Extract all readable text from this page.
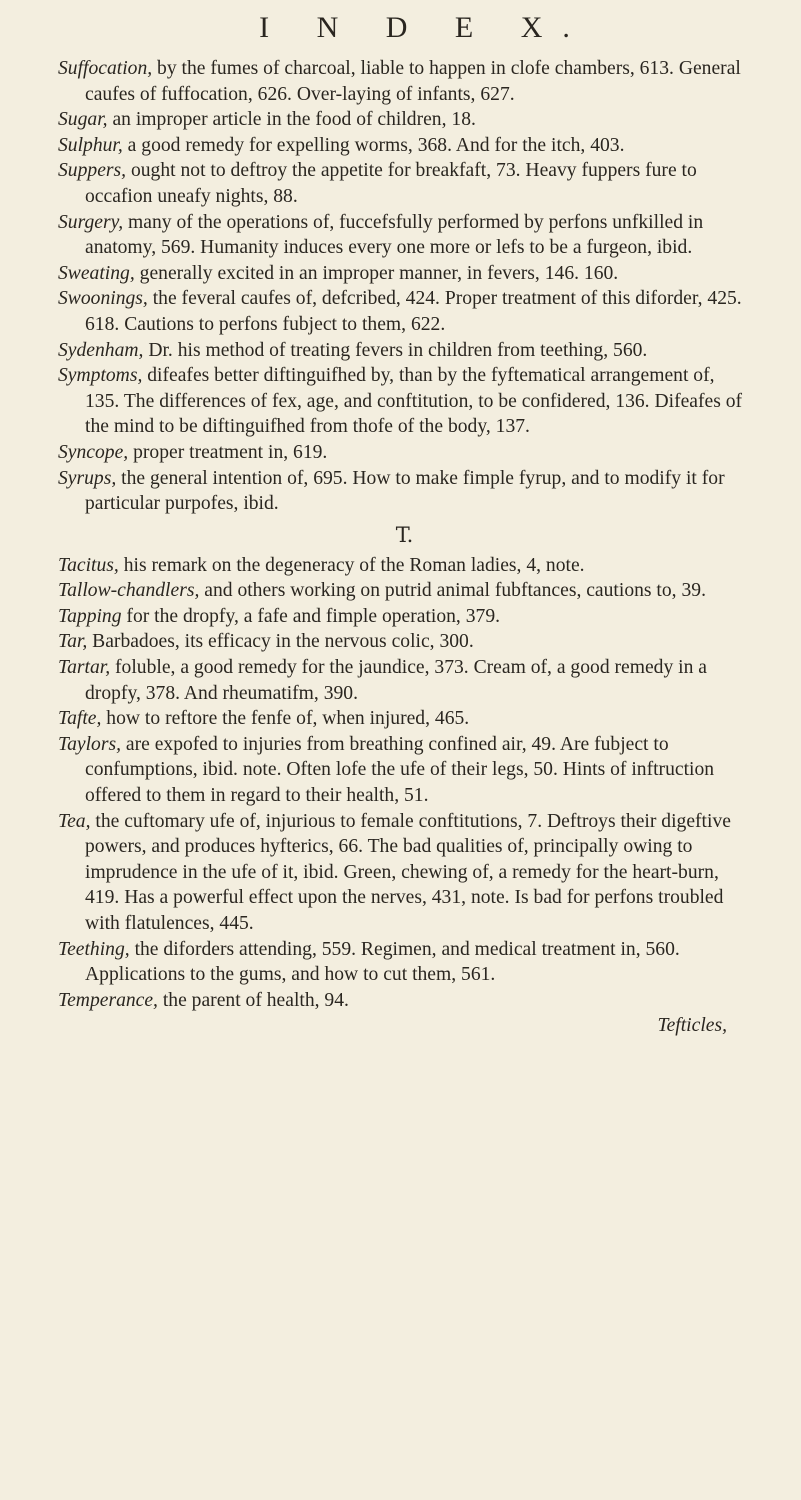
I N D E X.

Suffocation, by the fumes of charcoal, liable to happen in clofe chambers, 613. General caufes of fuffocation, 626. Over-laying of infants, 627.

Sugar, an improper article in the food of children, 18.

Sulphur, a good remedy for expelling worms, 368. And for the itch, 403.

Suppers, ought not to deftroy the appetite for breakfaft, 73. Heavy fuppers fure to occafion uneafy nights, 88.

Surgery, many of the operations of, fuccefsfully performed by perfons unfkilled in anatomy, 569. Humanity induces every one more or lefs to be a furgeon, ibid.

Sweating, generally excited in an improper manner, in fevers, 146. 160.

Swoonings, the feveral caufes of, defcribed, 424. Proper treatment of this diforder, 425. 618. Cautions to perfons fubject to them, 622.

Sydenham, Dr. his method of treating fevers in children from teething, 560.

Symptoms, difeafes better diftinguifhed by, than by the fyftematical arrangement of, 135. The differences of fex, age, and conftitution, to be confidered, 136. Difeafes of the mind to be diftinguifhed from thofe of the body, 137.

Syncope, proper treatment in, 619.

Syrups, the general intention of, 695. How to make fimple fyrup, and to modify it for particular purpofes, ibid.

T.

Tacitus, his remark on the degeneracy of the Roman ladies, 4, note.

Tallow-chandlers, and others working on putrid animal fubftances, cautions to, 39.

Tapping for the dropfy, a fafe and fimple operation, 379.

Tar, Barbadoes, its efficacy in the nervous colic, 300.

Tartar, foluble, a good remedy for the jaundice, 373. Cream of, a good remedy in a dropfy, 378. And rheumatifm, 390.

Tafte, how to reftore the fenfe of, when injured, 465.

Taylors, are expofed to injuries from breathing confined air, 49. Are fubject to confumptions, ibid. note. Often lofe the ufe of their legs, 50. Hints of inftruction offered to them in regard to their health, 51.

Tea, the cuftomary ufe of, injurious to female conftitutions, 7. Deftroys their digeftive powers, and produces hyfterics, 66. The bad qualities of, principally owing to imprudence in the ufe of it, ibid. Green, chewing of, a remedy for the heart-burn, 419. Has a powerful effect upon the nerves, 431, note. Is bad for perfons troubled with flatulences, 445.

Teething, the diforders attending, 559. Regimen, and medical treatment in, 560. Applications to the gums, and how to cut them, 561.

Temperance, the parent of health, 94.

Tefticles,
